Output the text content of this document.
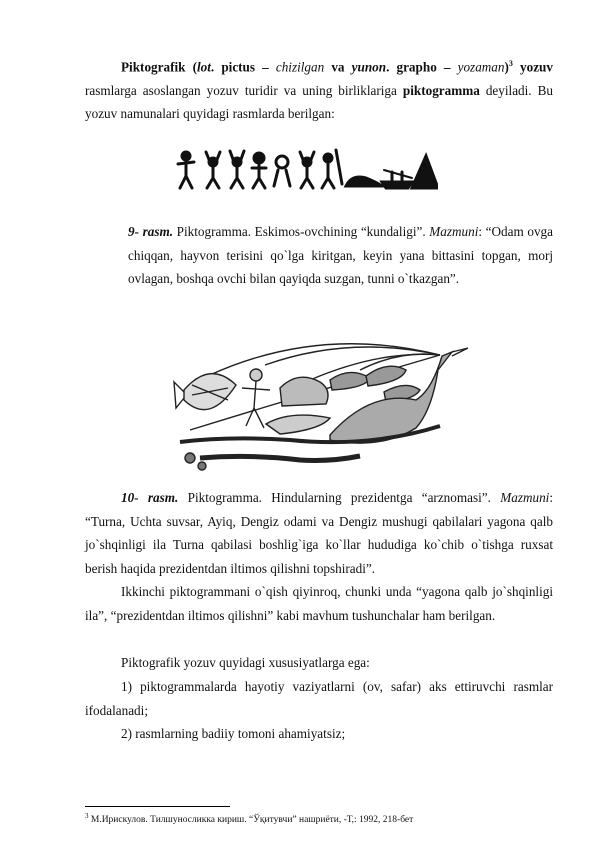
Piktografik (lot. pictus – chizilgan va yunon. grapho – yozaman)$^3$ yozuv rasmlarga asoslangan yozuv turidir va uning birliklariga piktogramma deyiladi. Bu yozuv namunalari quyidagi rasmlarda berilgan:

9- rasm. Piktogramma. Eskimos-ovchining “kundaligi”. Mazmuni: “Odam ovga chiqqan, hayvon terisini qo`lga kiritgan, keyin yana bittasini topgan, morj ovlagan, boshqa ovchi bilan qayiqda suzgan, tunni o`tkazgan”.

10- rasm. Piktogramma. Hindularning prezidentga “arznomasi”. Mazmuni: “Turna, Uchta suvsar, Ayiq, Dengiz odami va Dengiz mushugi qabilalari yagona qalb jo`shqinligi ila Turna qabilasi boshlig`iga ko`llar hududiga ko`chib o`tishga ruxsat berish haqida prezidentdan iltimos qilishni topshiradi”.

Ikkinchi piktogrammani o`qish qiyinroq, chunki unda “yagona qalb jo`shqinligi ila”, “prezidentdan iltimos qilishni” kabi mavhum tushunchalar ham berilgan.

Piktografik yozuv quyidagi xususiyatlarga ega:

1) piktogrammalarda hayotiy vaziyatlarni (ov, safar) aks ettiruvchi rasmlar ifodalanadi;

2) rasmlarning badiiy tomoni ahamiyatsiz;

$^3$ М.Ирискулов. Тилшуносликка кириш. “Ўқитувчи” нашриёти, -Т,: 1992, 218-бет
